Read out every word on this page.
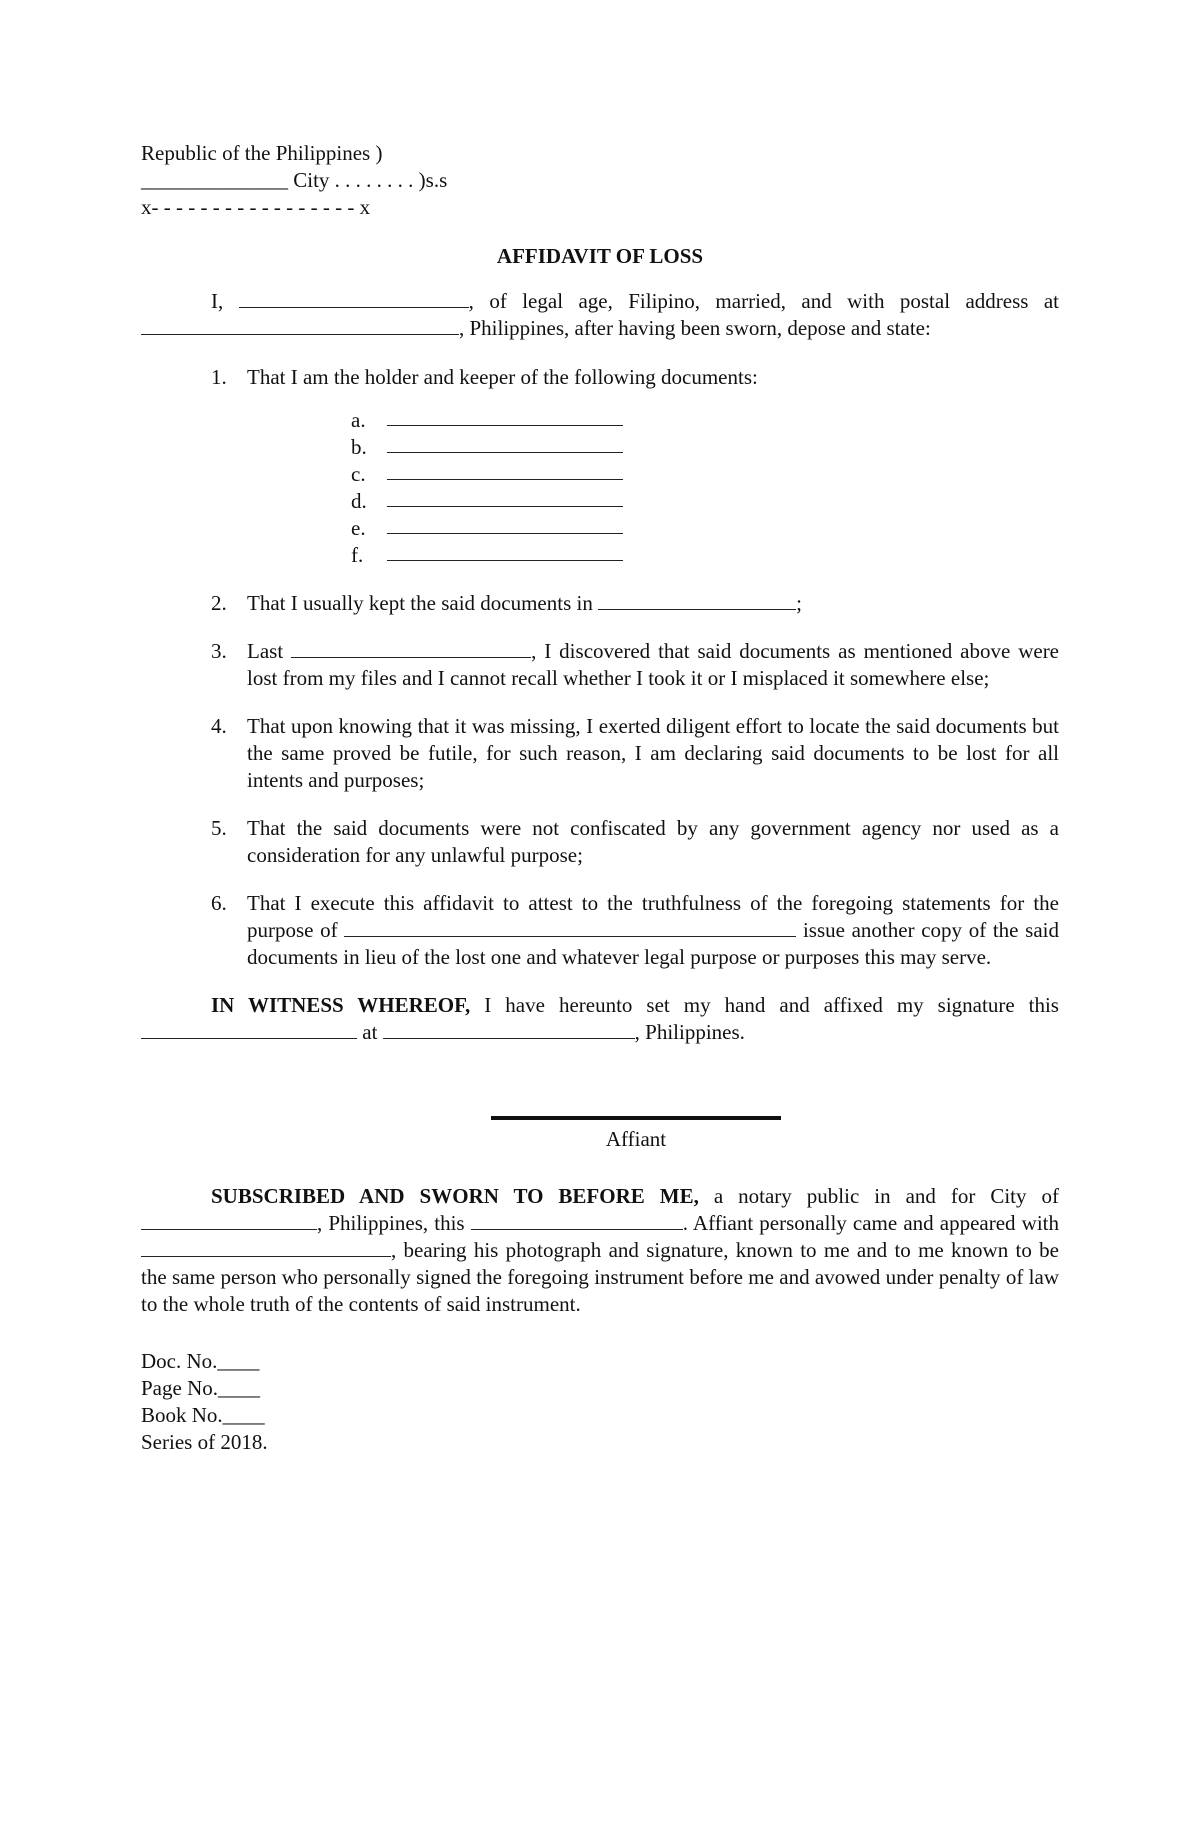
Republic of the Philippines )
______________ City . . . . . . . . )s.s
x- - - - - - - - - - - - - - - - - x
AFFIDAVIT OF LOSS
I,	, of legal age, Filipino, married, and with postal address at , Philippines, after having been sworn, depose and state:
1. That I am the holder and keeper of the following documents:
a.
b.
c.
d.
e.
f.
2. That I usually kept the said documents in	;
3. Last	, I discovered that said documents as mentioned above were lost from my files and I cannot recall whether I took it or I misplaced it somewhere else;
4. That upon knowing that it was missing, I exerted diligent effort to locate the said documents but the same proved be futile, for such reason, I am declaring said documents to be lost for all intents and purposes;
5. That the said documents were not confiscated by any government agency nor used as a consideration for any unlawful purpose;
6. That I execute this affidavit to attest to the truthfulness of the foregoing statements for the purpose of	issue another copy of the said documents in lieu of the lost one and whatever legal purpose or purposes this may serve.
IN WITNESS WHEREOF, I have hereunto set my hand and affixed my signature this  at	, Philippines.
Affiant
SUBSCRIBED AND SWORN TO BEFORE ME, a notary public in and for City of , Philippines, this	. Affiant personally came and appeared with , bearing his photograph and signature, known to me and to me known to be the same person who personally signed the foregoing instrument before me and avowed under penalty of law to the whole truth of the contents of said instrument.
Doc. No.____
Page No.____
Book No.____
Series of 2018.
